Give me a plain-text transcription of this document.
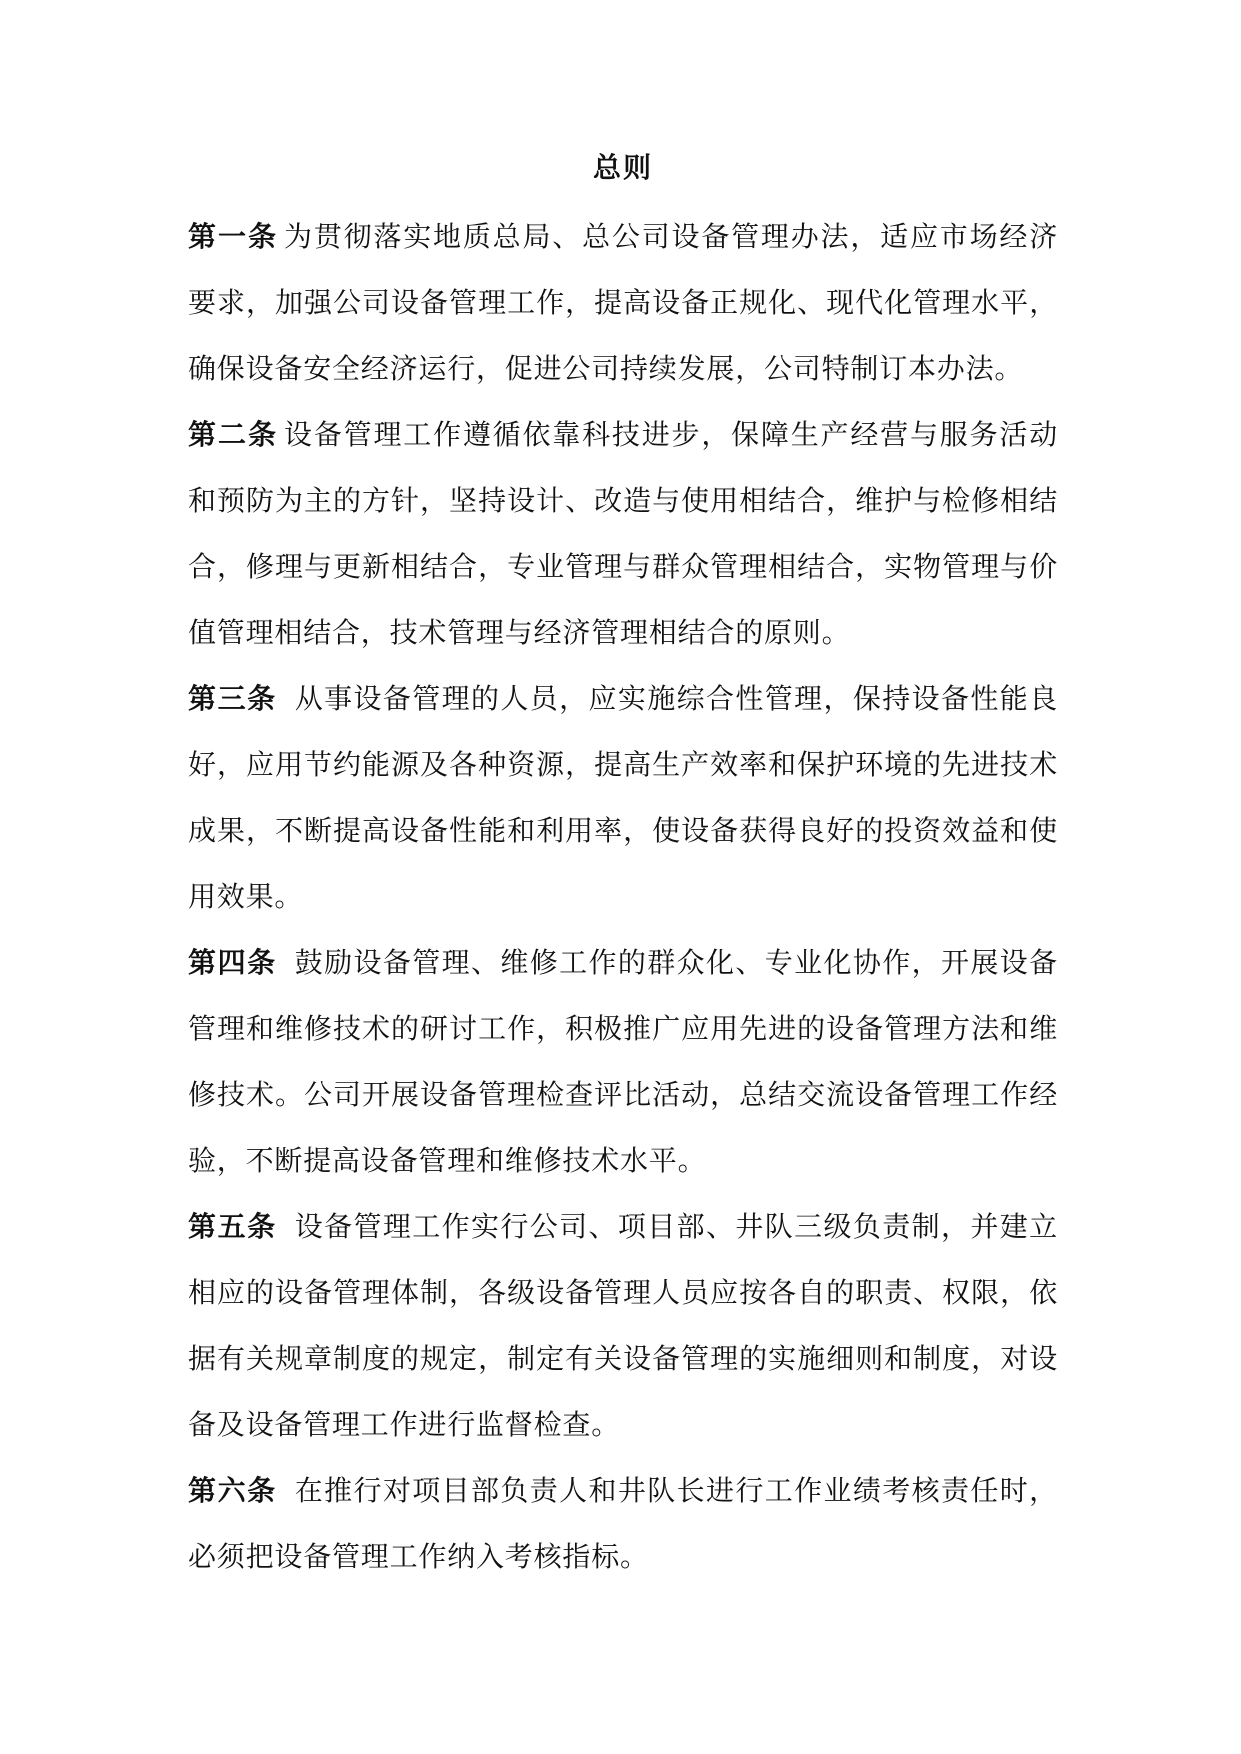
总则

第一条 为贯彻落实地质总局、总公司设备管理办法，适应市场经济要求，加强公司设备管理工作，提高设备正规化、现代化管理水平，确保设备安全经济运行，促进公司持续发展，公司特制订本办法。

第二条 设备管理工作遵循依靠科技进步，保障生产经营与服务活动和预防为主的方针，坚持设计、改造与使用相结合，维护与检修相结合，修理与更新相结合，专业管理与群众管理相结合，实物管理与价值管理相结合，技术管理与经济管理相结合的原则。

第三条 从事设备管理的人员，应实施综合性管理，保持设备性能良好，应用节约能源及各种资源，提高生产效率和保护环境的先进技术成果，不断提高设备性能和利用率，使设备获得良好的投资效益和使用效果。

第四条 鼓励设备管理、维修工作的群众化、专业化协作，开展设备管理和维修技术的研讨工作，积极推广应用先进的设备管理方法和维修技术。公司开展设备管理检查评比活动，总结交流设备管理工作经验，不断提高设备管理和维修技术水平。

第五条 设备管理工作实行公司、项目部、井队三级负责制，并建立相应的设备管理体制，各级设备管理人员应按各自的职责、权限，依据有关规章制度的规定，制定有关设备管理的实施细则和制度，对设备及设备管理工作进行监督检查。

第六条 在推行对项目部负责人和井队长进行工作业绩考核责任时，必须把设备管理工作纳入考核指标。
